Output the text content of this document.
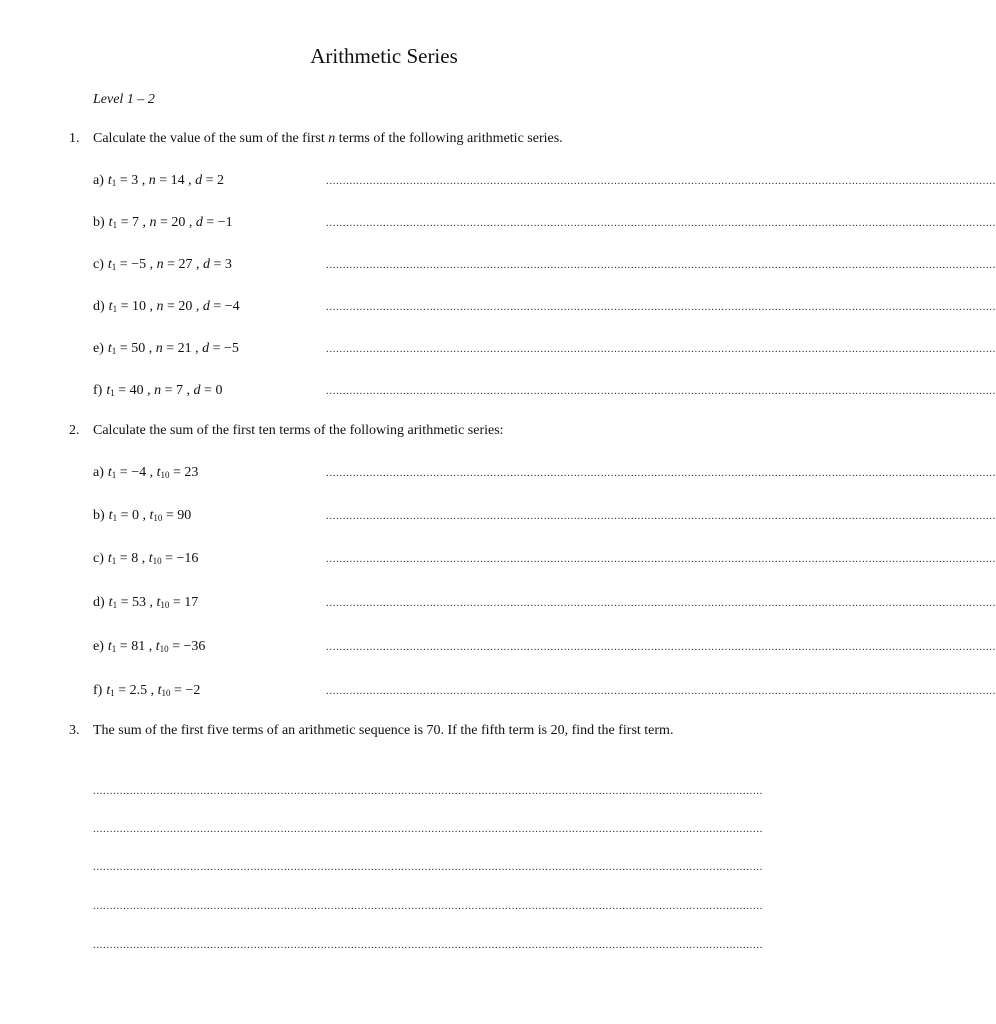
Arithmetic Series
Level 1 – 2
1. Calculate the value of the sum of the first n terms of the following arithmetic series.
a) $t_1 = 3$ , n = 14 , d = 2	........................................................................................................................................................................................................
b) $t_1 = 7$ , n = 20 , d = −1	........................................................................................................................................................................................................
c) $t_1 = -5$ , n = 27 , d = 3	........................................................................................................................................................................................................
d) $t_1 = 10$ , n = 20 , d = −4	........................................................................................................................................................................................................
e) $t_1 = 50$ , n = 21 , d = −5	........................................................................................................................................................................................................
f) $t_1 = 40$ , n = 7 , d = 0	........................................................................................................................................................................................................
2. Calculate the sum of the first ten terms of the following arithmetic series:
a) $t_1 = -4$ , $t_{10} = 23$	........................................................................................................................................................................................................
b) $t_1 = 0$ , $t_{10} = 90$	........................................................................................................................................................................................................
c) $t_1 = 8$ , $t_{10} = -16$	........................................................................................................................................................................................................
d) $t_1 = 53$ , $t_{10} = 17$	........................................................................................................................................................................................................
e) $t_1 = 81$ , $t_{10} = -36$	........................................................................................................................................................................................................
f) $t_1 = 2.5$ , $t_{10} = -2$	........................................................................................................................................................................................................
3. The sum of the first five terms of an arithmetic sequence is 70. If the fifth term is 20, find the first term.
........................................................................................................................................................................................................
........................................................................................................................................................................................................
........................................................................................................................................................................................................
........................................................................................................................................................................................................
........................................................................................................................................................................................................
